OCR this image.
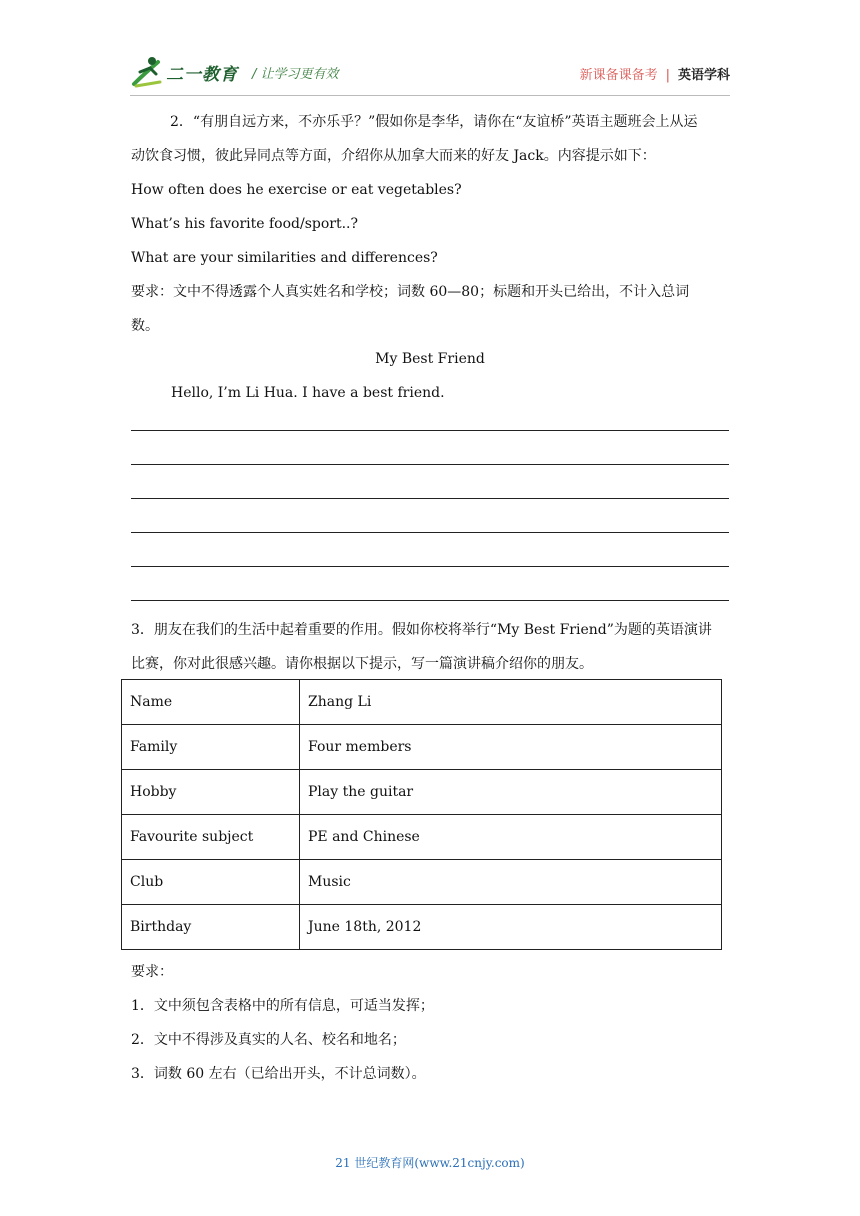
二一教育 / 让学习更有效	新课备课备考 | 英语学科
2．“有朋自远方来，不亦乐乎？”假如你是李华，请你在“友谊桥”英语主题班会上从运
动饮食习惯，彼此异同点等方面，介绍你从加拿大而来的好友 Jack。内容提示如下：
How often does he exercise or eat vegetables?
What’s his favorite food/sport..?
What are your similarities and differences?
要求：文中不得透露个人真实姓名和学校；词数 60—80；标题和开头已给出，不计入总词
数。
My Best Friend
Hello, I’m Li Hua. I have a best friend.
3．朋友在我们的生活中起着重要的作用。假如你校将举行“My Best Friend”为题的英语演讲
比赛，你对此很感兴趣。请你根据以下提示，写一篇演讲稿介绍你的朋友。
Name	Zhang Li
Family	Four members
Hobby	Play the guitar
Favourite subject	PE and Chinese
Club	Music
Birthday	June 18th, 2012
要求：
1．文中须包含表格中的所有信息，可适当发挥；
2．文中不得涉及真实的人名、校名和地名；
3．词数 60 左右（已给出开头，不计总词数）。
21 世纪教育网(www.21cnjy.com)
